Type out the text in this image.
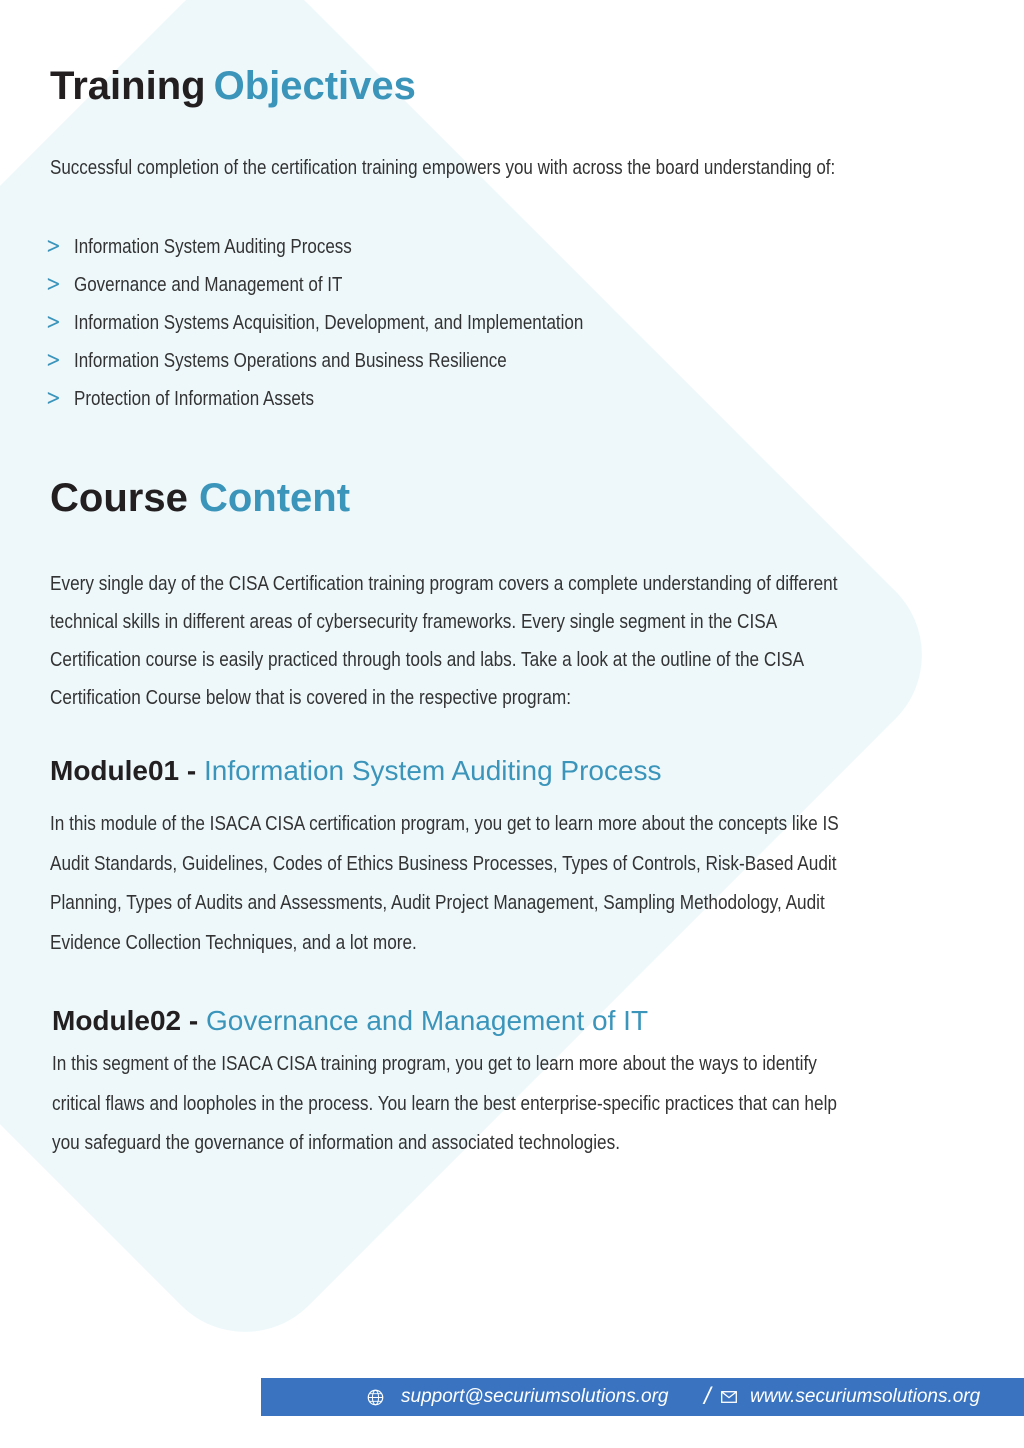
Training Objectives

Successful completion of the certification training empowers you with across the board understanding of:

> Information System Auditing Process
> Governance and Management of IT
> Information Systems Acquisition, Development, and Implementation
> Information Systems Operations and Business Resilience
> Protection of Information Assets
Course Content

Every single day of the CISA Certification training program covers a complete understanding of different
technical skills in different areas of cybersecurity frameworks. Every single segment in the CISA
Certification course is easily practiced through tools and labs. Take a look at the outline of the CISA
Certification Course below that is covered in the respective program:

Module01 - Information System Auditing Process

In this module of the ISACA CISA certification program, you get to learn more about the concepts like IS
Audit Standards, Guidelines, Codes of Ethics Business Processes, Types of Controls, Risk-Based Audit
Planning, Types of Audits and Assessments, Audit Project Management, Sampling Methodology, Audit
Evidence Collection Techniques, and a lot more.

Module02 - Governance and Management of IT

In this segment of the ISACA CISA training program, you get to learn more about the ways to identify
critical flaws and loopholes in the process. You learn the best enterprise-specific practices that can help
you safeguard the governance of information and associated technologies.

support@securiumsolutions.org / www.securiumsolutions.org
